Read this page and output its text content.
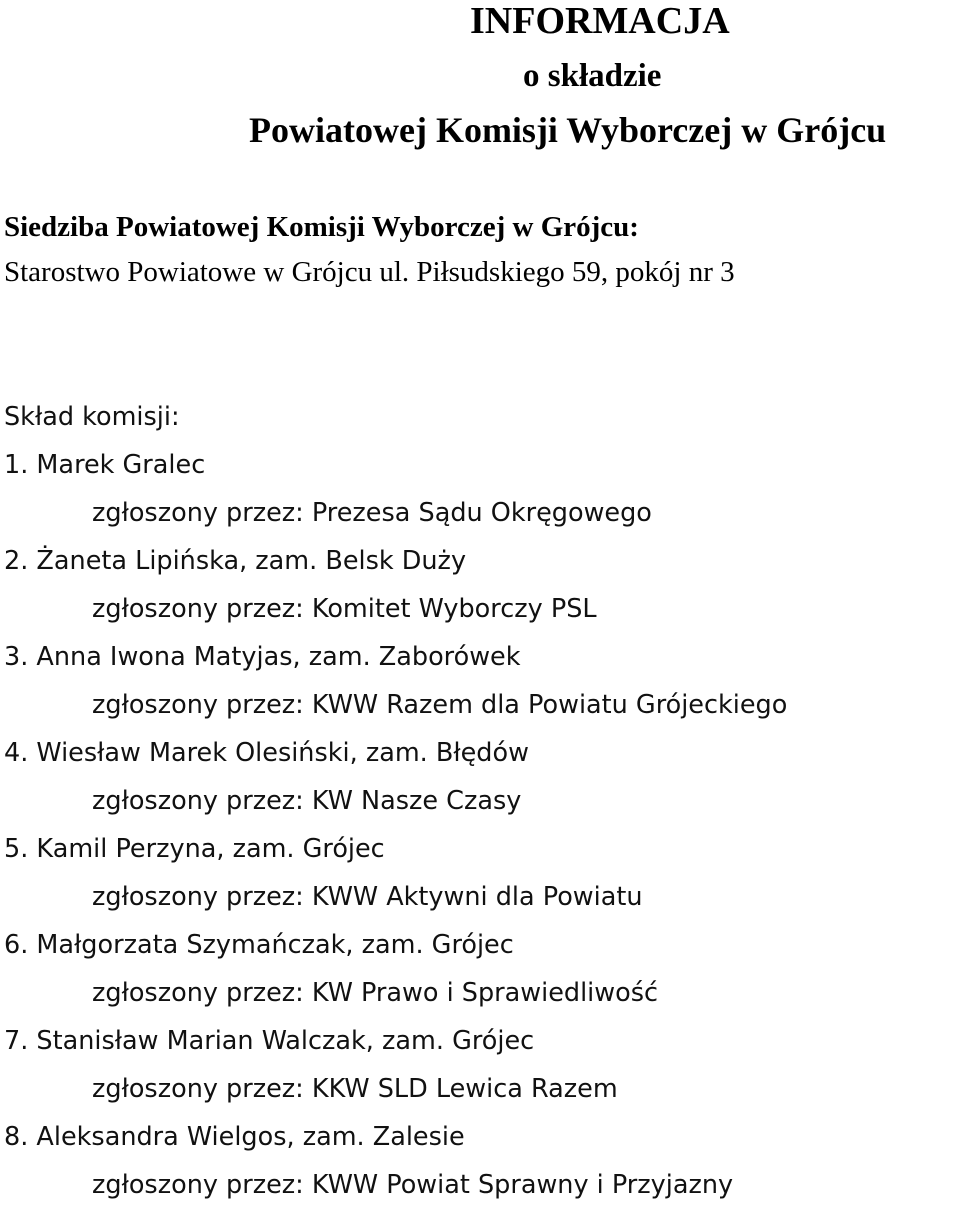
INFORMACJA
o składzie
Powiatowej Komisji Wyborczej w Grójcu
Siedziba Powiatowej Komisji Wyborczej w Grójcu:
Starostwo Powiatowe w Grójcu ul. Piłsudskiego 59, pokój nr 3
Skład komisji:
1. Marek Gralec
zgłoszony przez: Prezesa Sądu Okręgowego
2. Żaneta Lipińska, zam. Belsk Duży
zgłoszony przez: Komitet Wyborczy PSL
3. Anna Iwona Matyjas, zam. Zaborówek
zgłoszony przez: KWW Razem dla Powiatu Grójeckiego
4. Wiesław Marek Olesiński, zam. Błędów
zgłoszony przez: KW Nasze Czasy
5. Kamil Perzyna, zam. Grójec
zgłoszony przez: KWW Aktywni dla Powiatu
6. Małgorzata Szymańczak, zam. Grójec
zgłoszony przez: KW Prawo i Sprawiedliwość
7. Stanisław Marian Walczak, zam. Grójec
zgłoszony przez: KKW SLD Lewica Razem
8. Aleksandra Wielgos, zam. Zalesie
zgłoszony przez: KWW Powiat Sprawny i Przyjazny
